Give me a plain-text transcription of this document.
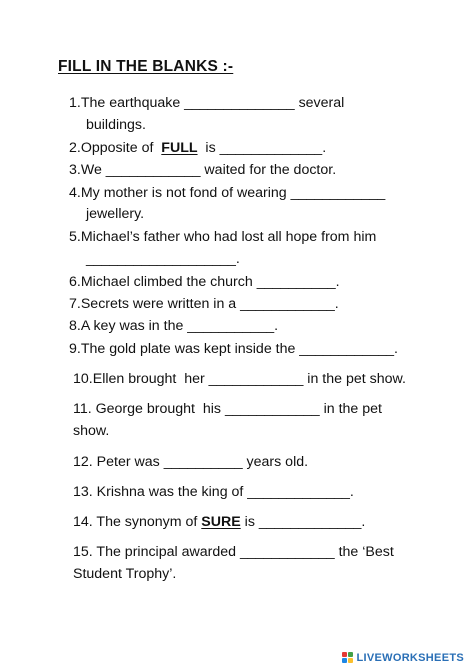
FILL IN THE BLANKS :-
1.The earthquake ______________ several
buildings.
2.Opposite of  FULL  is _____________.
3.We ____________ waited for the doctor.
4.My mother is not fond of wearing ____________
jewellery.
5.Michael’s father who had lost all hope from him
___________________.
6.Michael climbed the church __________.
7.Secrets were written in a ____________.
8.A key was in the ___________.
9.The gold plate was kept inside the ____________.
10.Ellen brought  her ____________ in the pet show.
11. George brought  his ____________ in the pet
show.
12. Peter was __________ years old.
13. Krishna was the king of _____________.
14. The synonym of SURE is _____________.
15. The principal awarded ____________ the ‘Best
Student Trophy’.
LIVEWORKSHEETS
